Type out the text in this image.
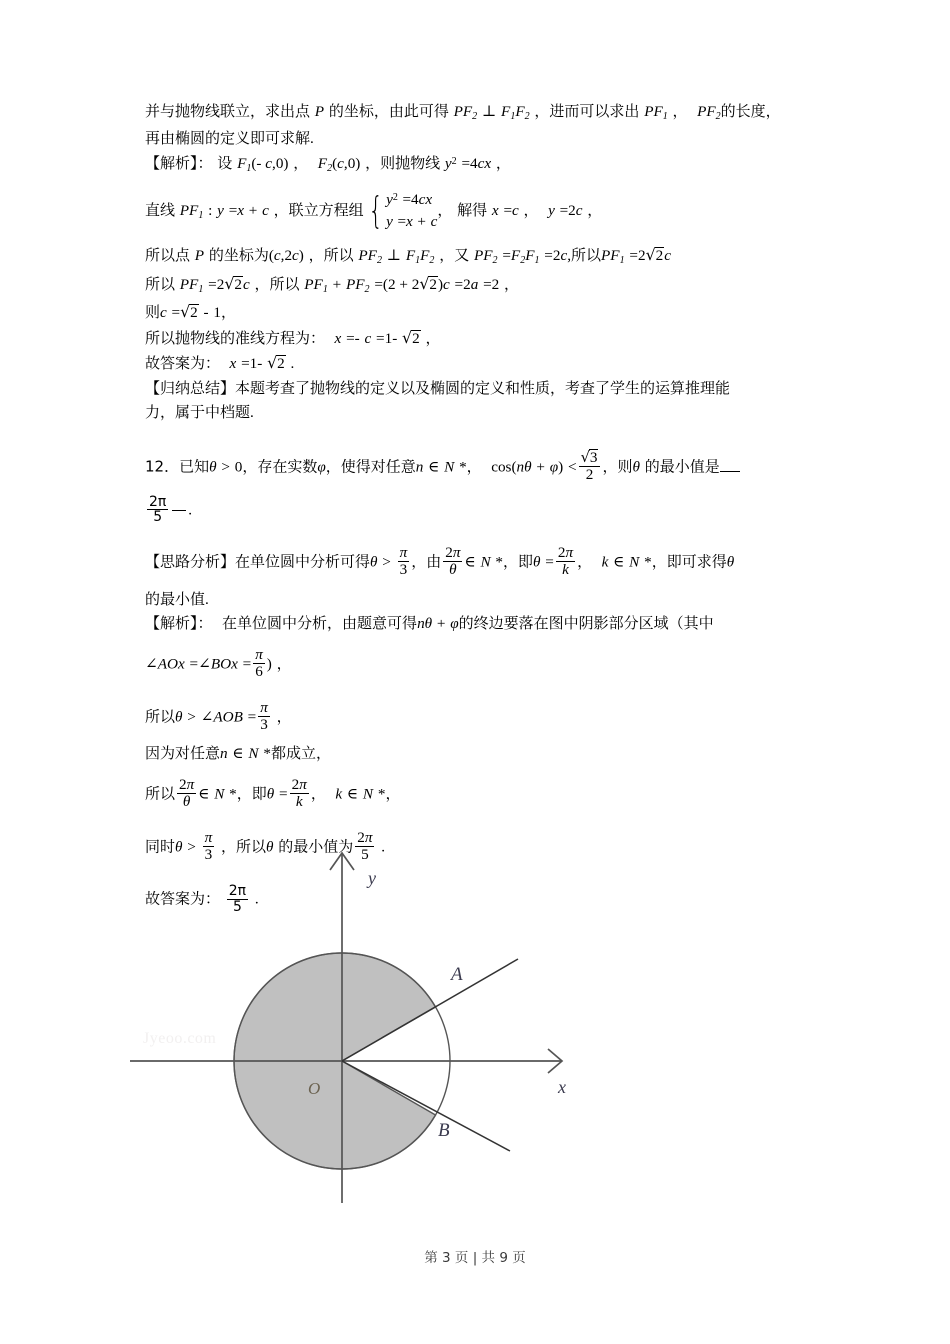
并与抛物线联立，求出点 P 的坐标，由此可得 $PF_2$ ⊥ $F_1F_2$ ，进而可以求出 $PF_1$ ，  $PF_2$的长度，
再由椭圆的定义即可求解.
【解析】： 设 $F_1(-$ c,0) ，  $F_2(c,0)$ ，则抛物线 $y^2 =4cx$ ，
直线 $PF_1$ : y =x + c ，联立方程组 { $y^2 =4cx$
y =x + c
， 解得 x =c ，  y =2c ，
所以点 P 的坐标为(c,2c) ，所以 $PF_2$ ⊥ $F_1F_2$ ，又 $PF_2 =F_2F_1 =2c$,所以$PF_1 =2√2c$
所以 $PF_1 =2√2c$ ，所以 $PF_1 + PF_2 =(2 + 2√2)c =2a =2$ ，
则c =√2 - 1，
所以抛物线的准线方程为：  x =- c =1- √2 ，
故答案为：  x =1- √2 .
【归纳总结】本题考查了抛物线的定义以及椭圆的定义和性质，考查了学生的运算推理能
力，属于中档题.
12．已知θ > 0，存在实数φ，使得对任意n ∈ N *，  $\cos(n\theta + \varphi) < \frac{√3}{2}$ ，则θ 的最小值是
$\frac{2\pi}{5}$ .
【思路分析】在单位圆中分析可得$\theta > \frac{\pi}{3}$ ，由 $\frac{2\pi}{\theta}$ ∈ N *，即$\theta = \frac{2\pi}{k}$ ，  k ∈ N *，即可求得θ
的最小值.
【解析】：  在单位圆中分析，由题意可得nθ + φ的终边要落在图中阴影部分区域（其中
∠AOx =∠BOx = $\frac{\pi}{6}$ ) ，
所以θ > ∠AOB = $\frac{\pi}{3}$ ，
因为对任意n ∈ N *都成立，
所以 $\frac{2\pi}{\theta}$ ∈ N *，即$\theta = \frac{2\pi}{k}$ ，  k ∈ N *，
同时$\theta > \frac{\pi}{3}$ ，所以θ 的最小值为 $\frac{2\pi}{5}$ .
故答案为： $\frac{2\pi}{5}$ .
Jyeoo.com
A
B
O	x
y
第 3 页 | 共 9 页
